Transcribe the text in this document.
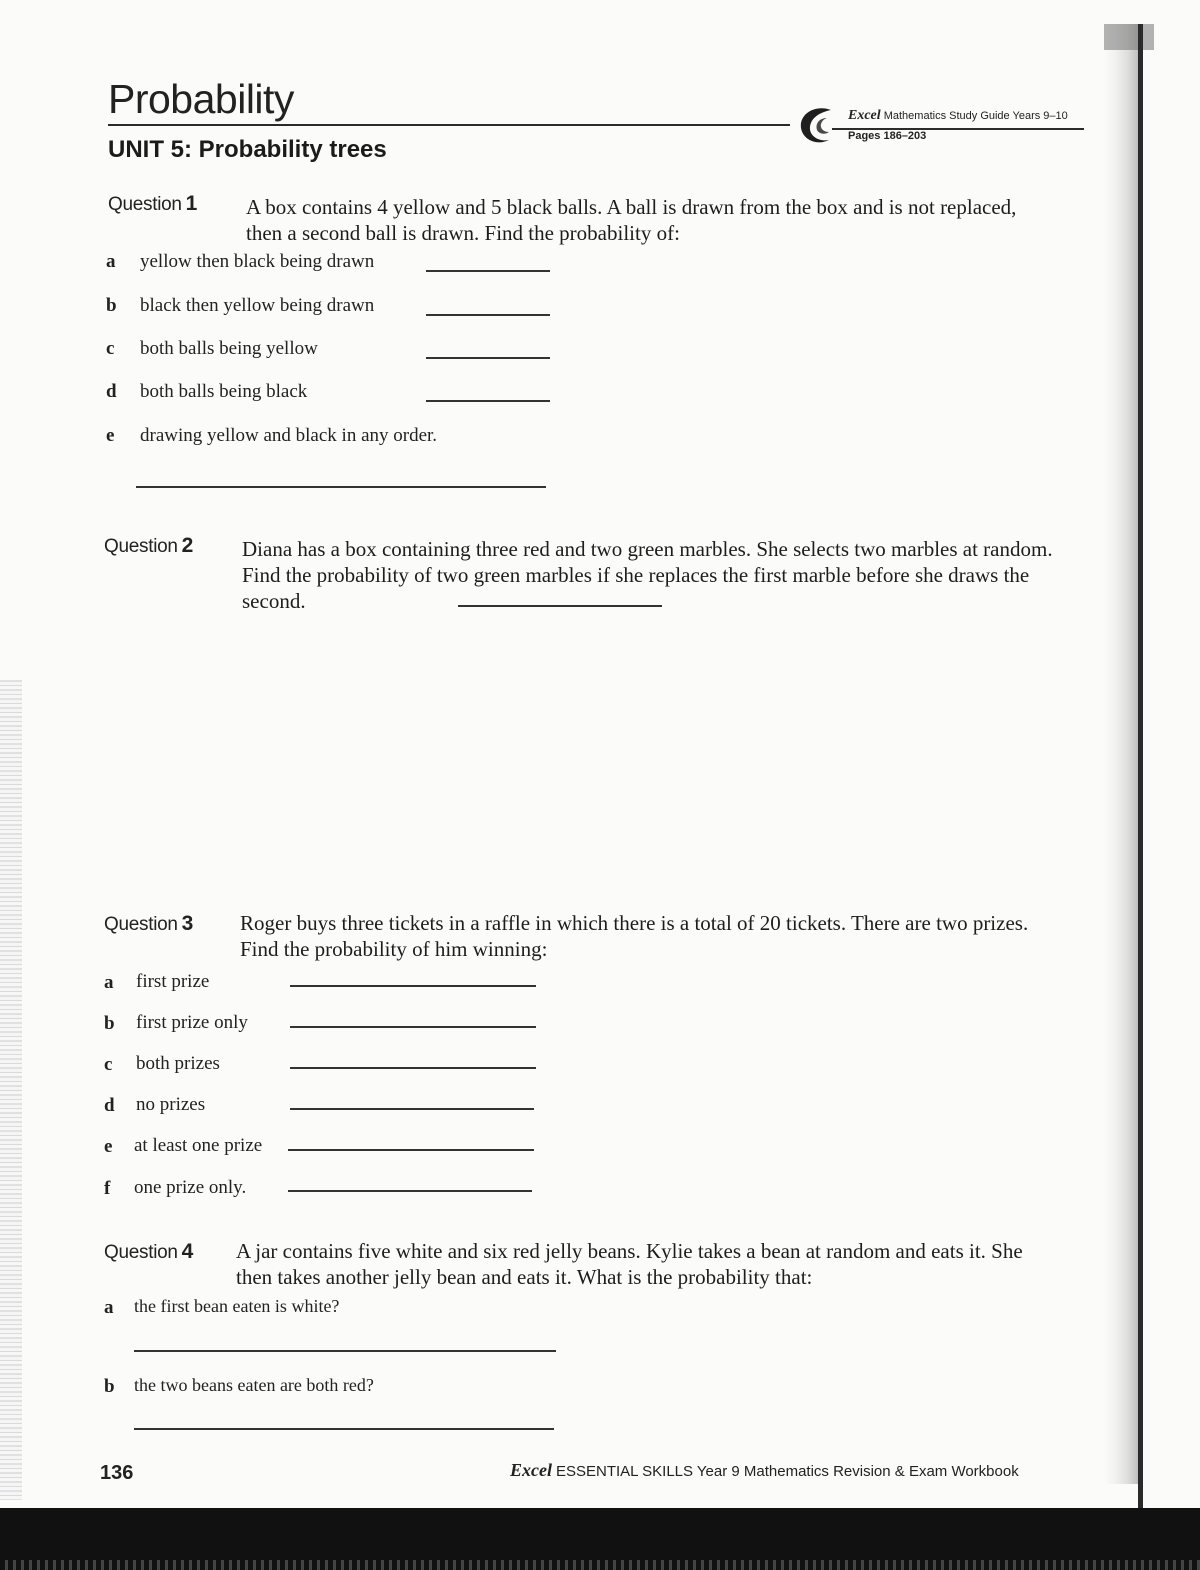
Probability
UNIT 5: Probability trees
Excel Mathematics Study Guide Years 9–10
Pages 186–203
Question 1 A box contains 4 yellow and 5 black balls. A ball is drawn from the box and is not replaced, then a second ball is drawn. Find the probability of:
a yellow then black being drawn
b black then yellow being drawn
c both balls being yellow
d both balls being black
e drawing yellow and black in any order.
Question 2 Diana has a box containing three red and two green marbles. She selects two marbles at random. Find the probability of two green marbles if she replaces the first marble before she draws the second.
Question 3 Roger buys three tickets in a raffle in which there is a total of 20 tickets. There are two prizes. Find the probability of him winning:
a first prize
b first prize only
c both prizes
d no prizes
e at least one prize
f one prize only.
Question 4 A jar contains five white and six red jelly beans. Kylie takes a bean at random and eats it. She then takes another jelly bean and eats it. What is the probability that:
a the first bean eaten is white?
b the two beans eaten are both red?
136	Excel ESSENTIAL SKILLS Year 9 Mathematics Revision & Exam Workbook
